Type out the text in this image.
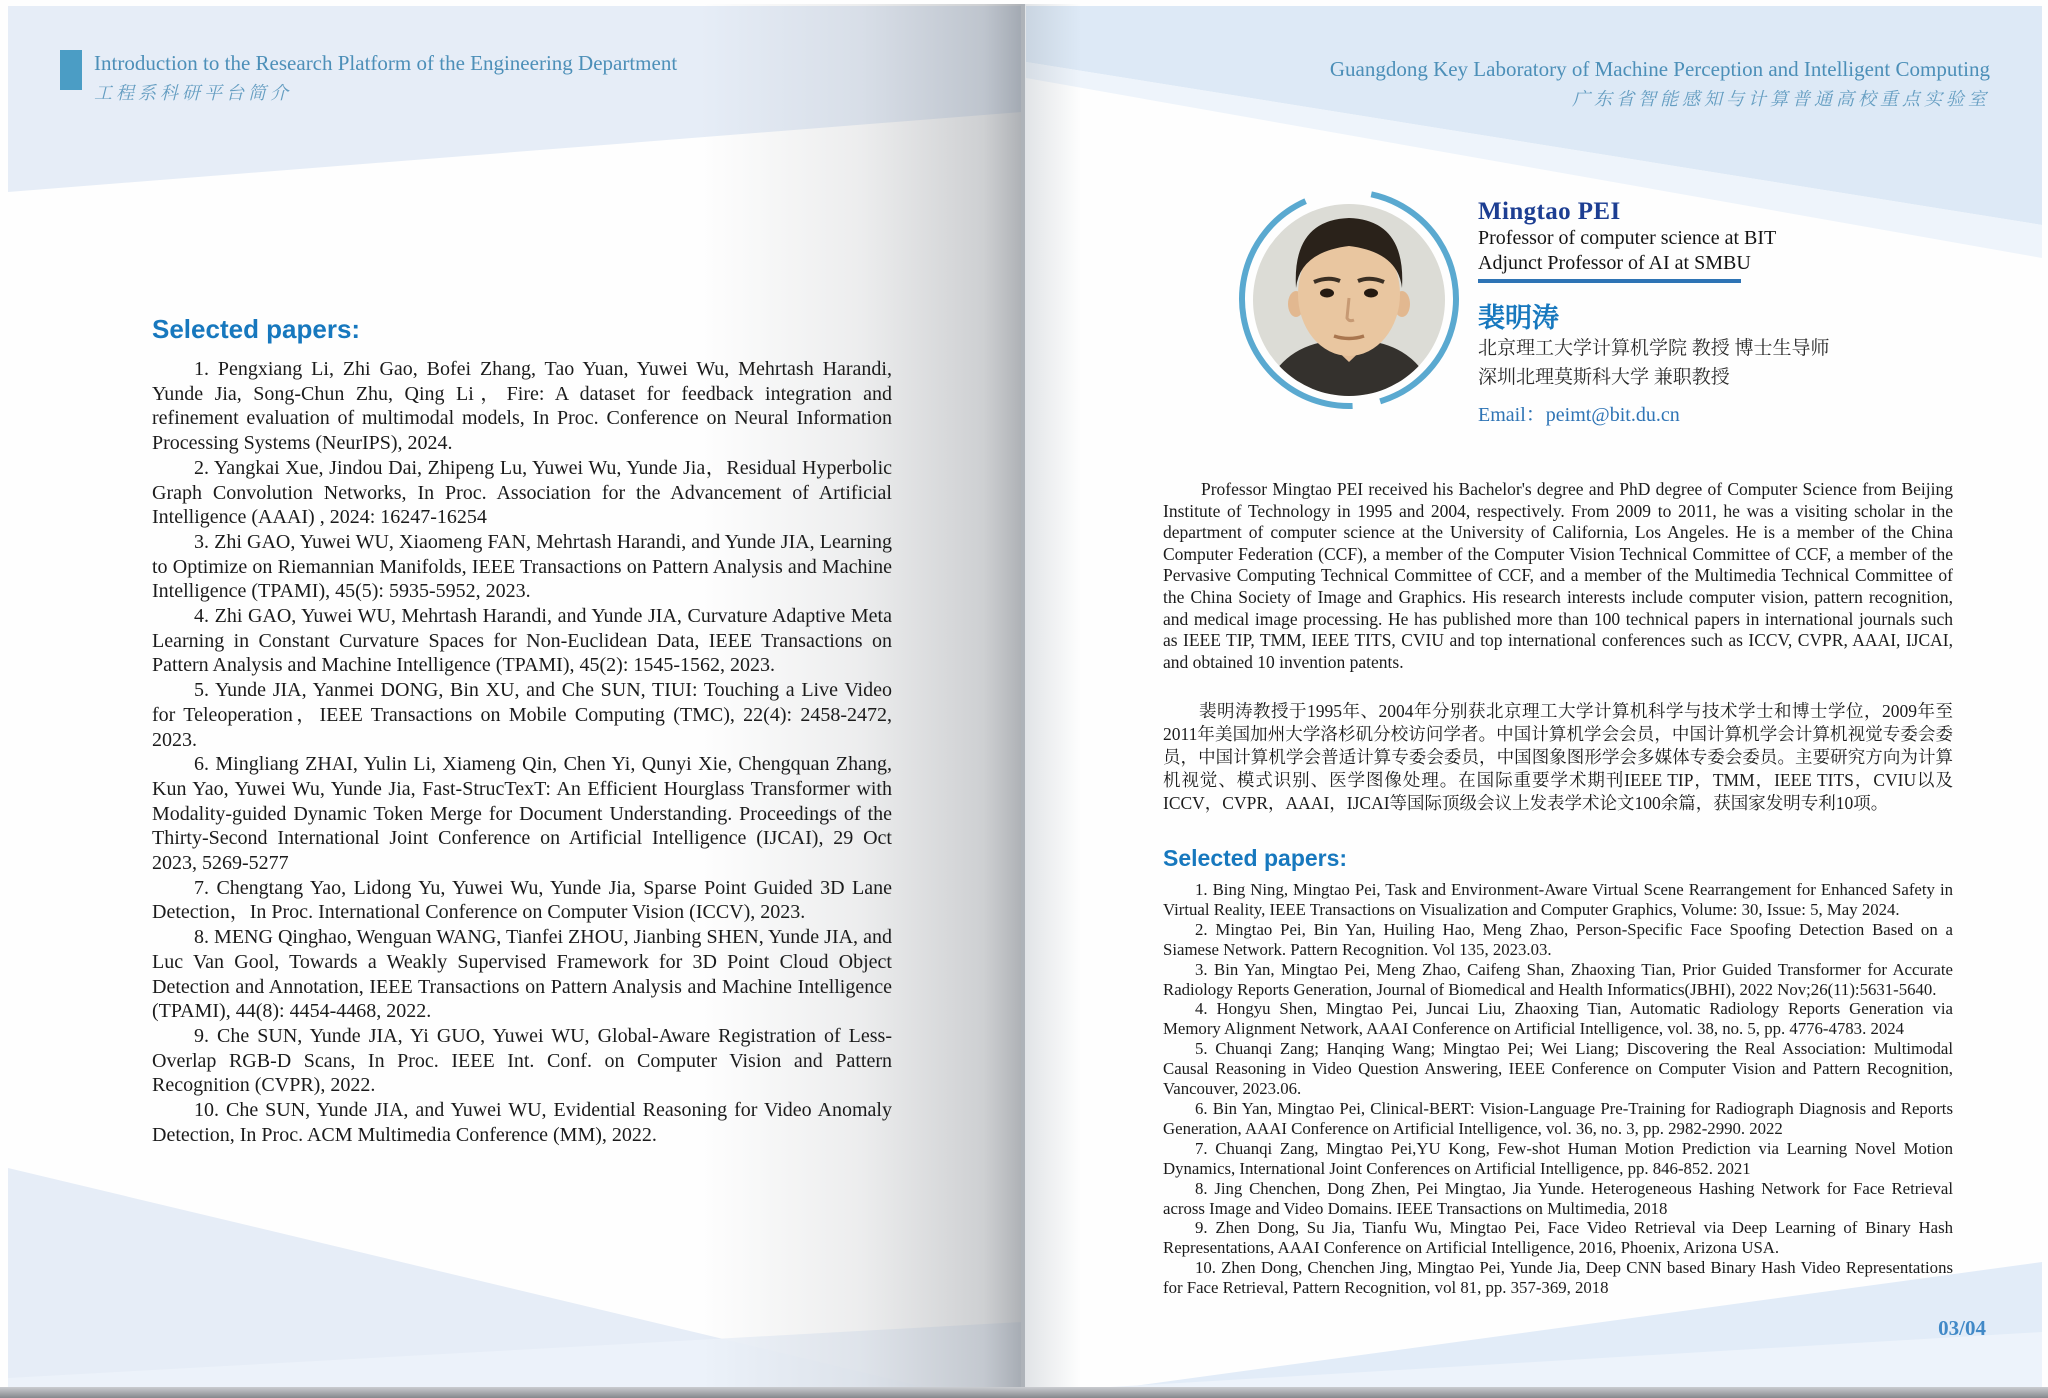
Introduction to the Research Platform of the Engineering Department
工程系科研平台简介
Guangdong Key Laboratory of Machine Perception and Intelligent Computing
广东省智能感知与计算普通高校重点实验室
Selected papers:

1. Pengxiang Li, Zhi Gao, Bofei Zhang, Tao Yuan, Yuwei Wu, Mehrtash Harandi, Yunde Jia, Song-Chun Zhu, Qing Li，Fire: A dataset for feedback integration and refinement evaluation of multimodal models, In Proc. Conference on Neural Information Processing Systems (NeurIPS), 2024.

2. Yangkai Xue, Jindou Dai, Zhipeng Lu, Yuwei Wu, Yunde Jia，Residual Hyperbolic Graph Convolution Networks, In Proc. Association for the Advancement of Artificial Intelligence (AAAI) , 2024: 16247-16254

3. Zhi GAO, Yuwei WU, Xiaomeng FAN, Mehrtash Harandi, and Yunde JIA, Learning to Optimize on Riemannian Manifolds, IEEE Transactions on Pattern Analysis and Machine Intelligence (TPAMI), 45(5): 5935-5952, 2023.

4. Zhi GAO, Yuwei WU, Mehrtash Harandi, and Yunde JIA, Curvature Adaptive Meta Learning in Constant Curvature Spaces for Non-Euclidean Data, IEEE Transactions on Pattern Analysis and Machine Intelligence (TPAMI), 45(2): 1545-1562, 2023.

5. Yunde JIA, Yanmei DONG, Bin XU, and Che SUN, TIUI: Touching a Live Video for Teleoperation，IEEE Transactions on Mobile Computing (TMC), 22(4): 2458-2472, 2023.

6. Mingliang ZHAI, Yulin Li, Xiameng Qin, Chen Yi, Qunyi Xie, Chengquan Zhang, Kun Yao, Yuwei Wu, Yunde Jia, Fast-StrucTexT: An Efficient Hourglass Transformer with Modality-guided Dynamic Token Merge for Document Understanding. Proceedings of the Thirty-Second International Joint Conference on Artificial Intelligence (IJCAI), 29 Oct 2023, 5269-5277

7. Chengtang Yao, Lidong Yu, Yuwei Wu, Yunde Jia, Sparse Point Guided 3D Lane Detection，In Proc. International Conference on Computer Vision (ICCV), 2023.

8. MENG Qinghao, Wenguan WANG, Tianfei ZHOU, Jianbing SHEN, Yunde JIA, and Luc Van Gool, Towards a Weakly Supervised Framework for 3D Point Cloud Object Detection and Annotation, IEEE Transactions on Pattern Analysis and Machine Intelligence (TPAMI), 44(8): 4454-4468, 2022.

9. Che SUN, Yunde JIA, Yi GUO, Yuwei WU, Global-Aware Registration of Less-Overlap RGB-D Scans, In Proc. IEEE Int. Conf. on Computer Vision and Pattern Recognition (CVPR), 2022.

10. Che SUN, Yunde JIA, and Yuwei WU, Evidential Reasoning for Video Anomaly Detection, In Proc. ACM Multimedia Conference (MM), 2022.

Mingtao PEI
Professor of computer science at BIT
Adjunct Professor of AI at SMBU
裴明涛
北京理工大学计算机学院 教授 博士生导师
深圳北理莫斯科大学 兼职教授
Email：peimt@bit.du.cn

Professor Mingtao PEI received his Bachelor's degree and PhD degree of Computer Science from Beijing Institute of Technology in 1995 and 2004, respectively. From 2009 to 2011, he was a visiting scholar in the department of computer science at the University of California, Los Angeles. He is a member of the China Computer Federation (CCF), a member of the Computer Vision Technical Committee of CCF, a member of the Pervasive Computing Technical Committee of CCF, and a member of the Multimedia Technical Committee of the China Society of Image and Graphics. His research interests include computer vision, pattern recognition, and medical image processing. He has published more than 100 technical papers in international journals such as IEEE TIP, TMM, IEEE TITS, CVIU and top international conferences such as ICCV, CVPR, AAAI, IJCAI, and obtained 10 invention patents.

裴明涛教授于1995年、2004年分别获北京理工大学计算机科学与技术学士和博士学位，2009年至2011年美国加州大学洛杉矶分校访问学者。中国计算机学会会员，中国计算机学会计算机视觉专委会委员，中国计算机学会普适计算专委会委员，中国图象图形学会多媒体专委会委员。主要研究方向为计算机视觉、模式识别、医学图像处理。在国际重要学术期刊IEEE TIP，TMM，IEEE TITS，CVIU以及ICCV，CVPR，AAAI，IJCAI等国际顶级会议上发表学术论文100余篇，获国家发明专利10项。

Selected papers:

1. Bing Ning, Mingtao Pei, Task and Environment-Aware Virtual Scene Rearrangement for Enhanced Safety in Virtual Reality, IEEE Transactions on Visualization and Computer Graphics, Volume: 30, Issue: 5, May 2024.

2. Mingtao Pei, Bin Yan, Huiling Hao, Meng Zhao, Person-Specific Face Spoofing Detection Based on a Siamese Network. Pattern Recognition. Vol 135, 2023.03.

3. Bin Yan, Mingtao Pei, Meng Zhao, Caifeng Shan, Zhaoxing Tian, Prior Guided Transformer for Accurate Radiology Reports Generation, Journal of Biomedical and Health Informatics(JBHI), 2022 Nov;26(11):5631-5640.

4. Hongyu Shen, Mingtao Pei, Juncai Liu, Zhaoxing Tian, Automatic Radiology Reports Generation via Memory Alignment Network, AAAI Conference on Artificial Intelligence, vol. 38, no. 5, pp. 4776-4783. 2024

5. Chuanqi Zang; Hanqing Wang; Mingtao Pei; Wei Liang; Discovering the Real Association: Multimodal Causal Reasoning in Video Question Answering, IEEE Conference on Computer Vision and Pattern Recognition, Vancouver, 2023.06.

6. Bin Yan, Mingtao Pei, Clinical-BERT: Vision-Language Pre-Training for Radiograph Diagnosis and Reports Generation, AAAI Conference on Artificial Intelligence, vol. 36, no. 3, pp. 2982-2990. 2022

7. Chuanqi Zang, Mingtao Pei,YU Kong, Few-shot Human Motion Prediction via Learning Novel Motion Dynamics, International Joint Conferences on Artificial Intelligence, pp. 846-852. 2021

8. Jing Chenchen, Dong Zhen, Pei Mingtao, Jia Yunde. Heterogeneous Hashing Network for Face Retrieval across Image and Video Domains. IEEE Transactions on Multimedia, 2018

9. Zhen Dong, Su Jia, Tianfu Wu, Mingtao Pei, Face Video Retrieval via Deep Learning of Binary Hash Representations, AAAI Conference on Artificial Intelligence, 2016, Phoenix, Arizona USA.

10. Zhen Dong, Chenchen Jing, Mingtao Pei, Yunde Jia, Deep CNN based Binary Hash Video Representations for Face Retrieval, Pattern Recognition, vol 81, pp. 357-369, 2018

03/04
